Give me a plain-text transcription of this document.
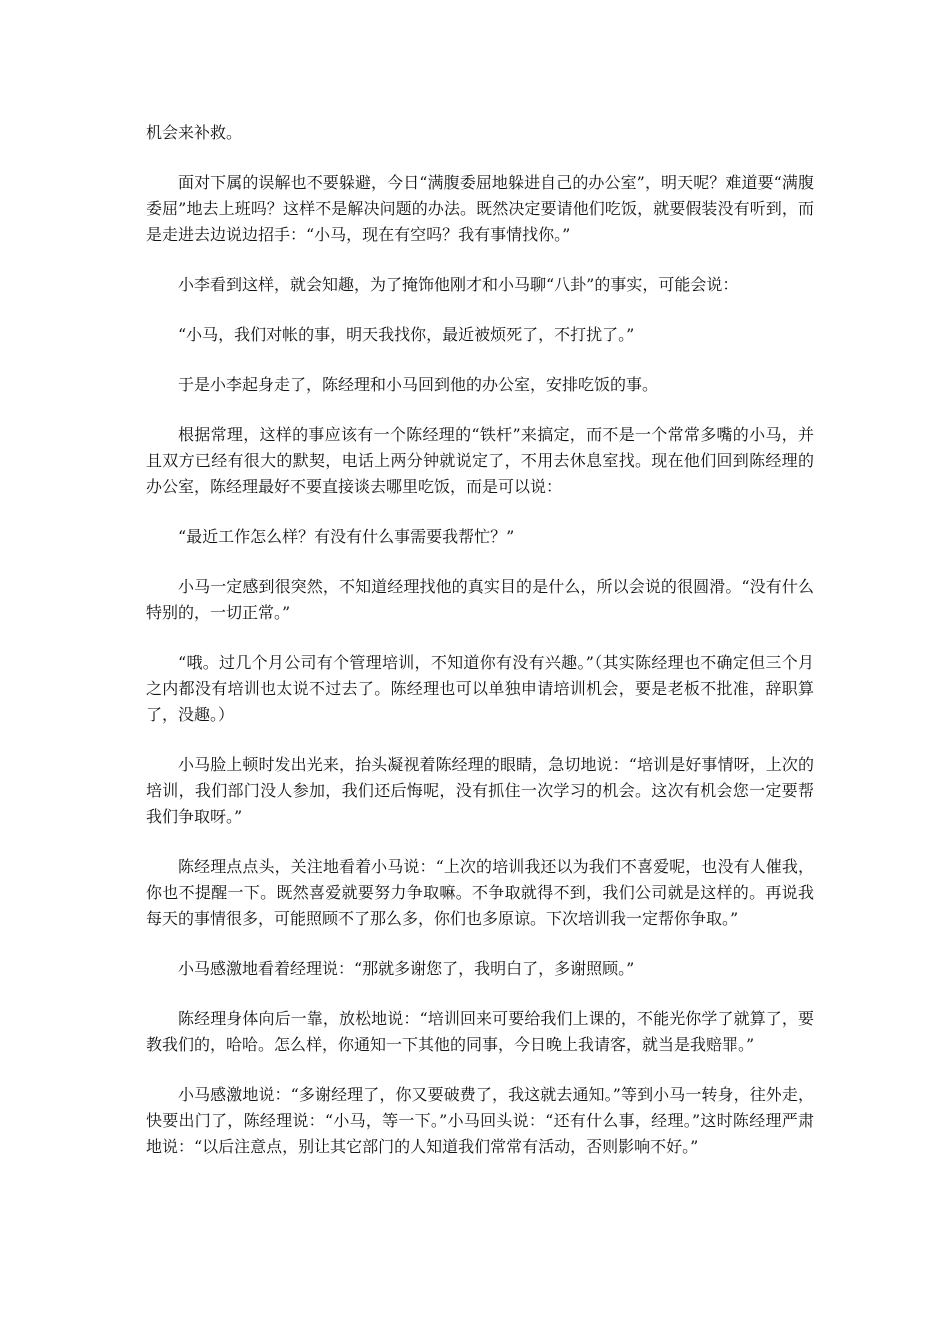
机会来补救。

面对下属的误解也不要躲避，今日“满腹委屈地躲进自己的办公室”，明天呢？难道要“满腹委屈”地去上班吗？这样不是解决问题的办法。既然决定要请他们吃饭，就要假装没有听到，而是走进去边说边招手：“小马，现在有空吗？我有事情找你。”

小李看到这样，就会知趣，为了掩饰他刚才和小马聊“八卦”的事实，可能会说：

“小马，我们对帐的事，明天我找你，最近被烦死了，不打扰了。”

于是小李起身走了，陈经理和小马回到他的办公室，安排吃饭的事。

根据常理，这样的事应该有一个陈经理的“铁杆”来搞定，而不是一个常常多嘴的小马，并且双方已经有很大的默契，电话上两分钟就说定了，不用去休息室找。现在他们回到陈经理的办公室，陈经理最好不要直接谈去哪里吃饭，而是可以说：

“最近工作怎么样？有没有什么事需要我帮忙？”

小马一定感到很突然，不知道经理找他的真实目的是什么，所以会说的很圆滑。“没有什么特别的，一切正常。”

“哦。过几个月公司有个管理培训，不知道你有没有兴趣。”（其实陈经理也不确定但三个月之内都没有培训也太说不过去了。陈经理也可以单独申请培训机会，要是老板不批准，辞职算了，没趣。）

小马脸上顿时发出光来，抬头凝视着陈经理的眼睛，急切地说：“培训是好事情呀，上次的培训，我们部门没人参加，我们还后悔呢，没有抓住一次学习的机会。这次有机会您一定要帮我们争取呀。”

陈经理点点头，关注地看着小马说：“上次的培训我还以为我们不喜爱呢，也没有人催我，你也不提醒一下。既然喜爱就要努力争取嘛。不争取就得不到，我们公司就是这样的。再说我每天的事情很多，可能照顾不了那么多，你们也多原谅。下次培训我一定帮你争取。”

小马感激地看着经理说：“那就多谢您了，我明白了，多谢照顾。”

陈经理身体向后一靠，放松地说：“培训回来可要给我们上课的，不能光你学了就算了，要教我们的，哈哈。怎么样，你通知一下其他的同事，今日晚上我请客，就当是我赔罪。”

小马感激地说：“多谢经理了，你又要破费了，我这就去通知。”等到小马一转身，往外走，快要出门了，陈经理说：“小马，等一下。”小马回头说：“还有什么事，经理。”这时陈经理严肃地说：“以后注意点，别让其它部门的人知道我们常常有活动，否则影响不好。”
